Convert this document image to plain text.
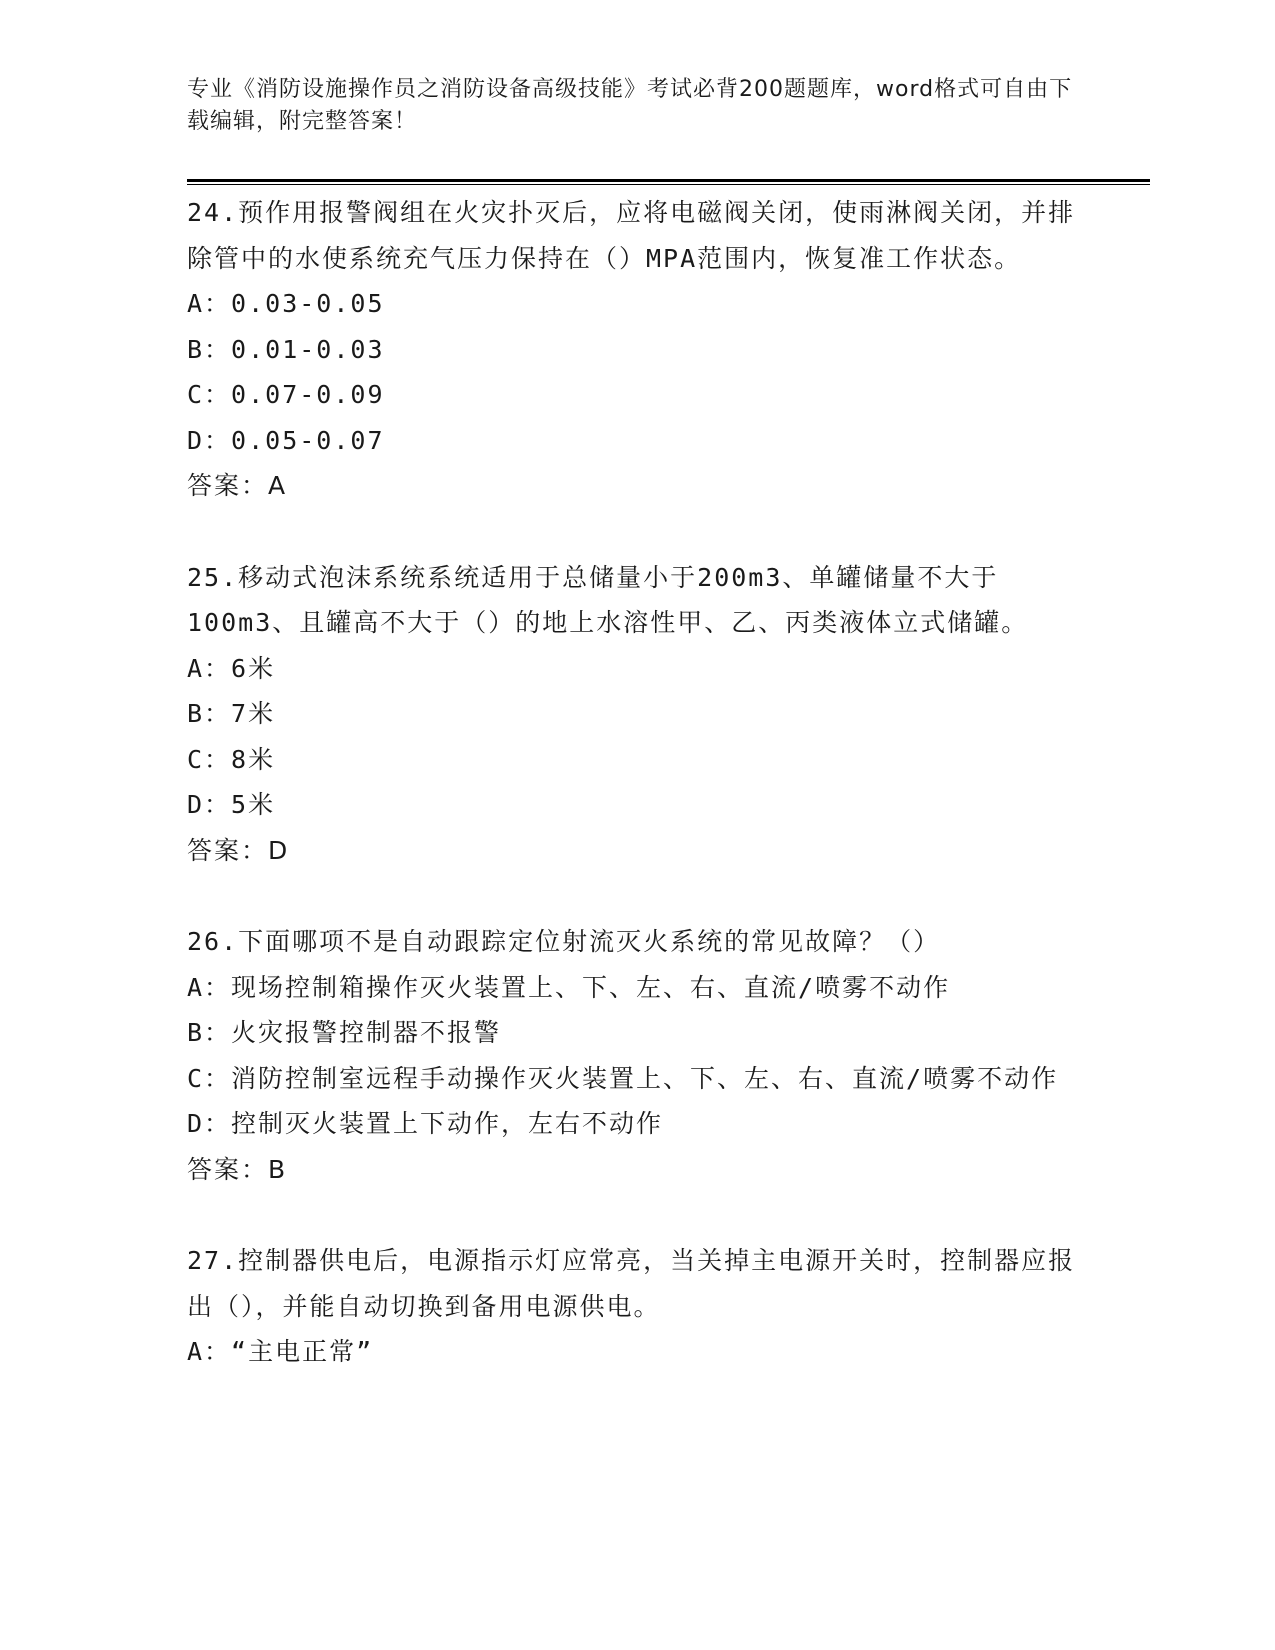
专业《消防设施操作员之消防设备高级技能》考试必背200题题库，word格式可自由下载编辑，附完整答案！

24.预作用报警阀组在火灾扑灭后，应将电磁阀关闭，使雨淋阀关闭，并排除管中的水使系统充气压力保持在（）MPA范围内，恢复准工作状态。

A：0.03-0.05

B：0.01-0.03

C：0.07-0.09

D：0.05-0.07

答案：A

25.移动式泡沫系统系统适用于总储量小于200m3、单罐储量不大于100m3、且罐高不大于（）的地上水溶性甲、乙、丙类液体立式储罐。

A：6米

B：7米

C：8米

D：5米

答案：D

26.下面哪项不是自动跟踪定位射流灭火系统的常见故障？（）

A：现场控制箱操作灭火装置上、下、左、右、直流/喷雾不动作

B：火灾报警控制器不报警

C：消防控制室远程手动操作灭火装置上、下、左、右、直流/喷雾不动作

D：控制灭火装置上下动作，左右不动作

答案：B

27.控制器供电后，电源指示灯应常亮，当关掉主电源开关时，控制器应报出（），并能自动切换到备用电源供电。

A：“主电正常”
